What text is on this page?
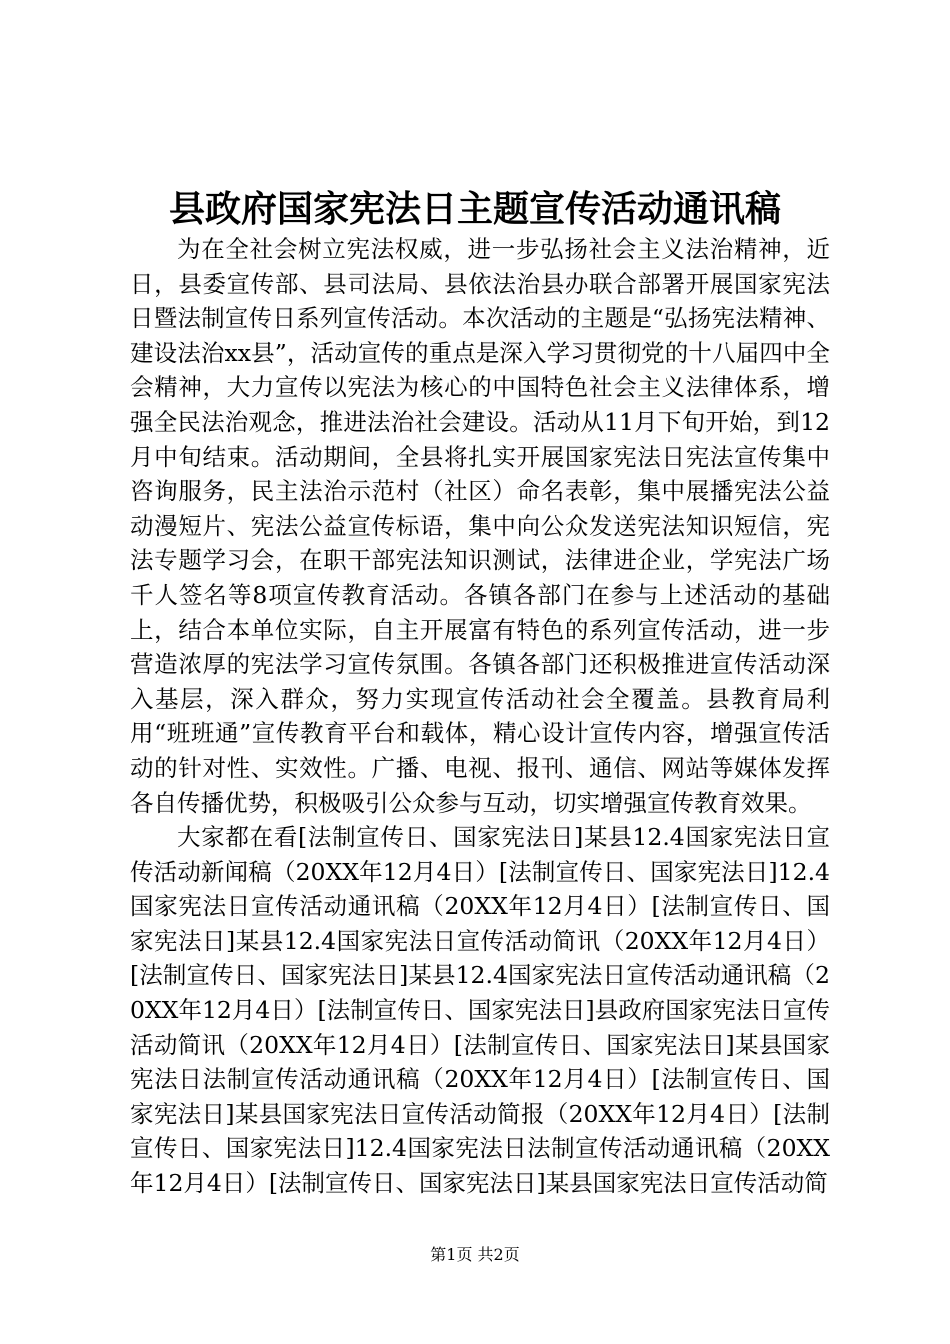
县政府国家宪法日主题宣传活动通讯稿

为在全社会树立宪法权威，进一步弘扬社会主义法治精神，近日，县委宣传部、县司法局、县依法治县办联合部署开展国家宪法日暨法制宣传日系列宣传活动。本次活动的主题是“弘扬宪法精神、建设法治xx县”，活动宣传的重点是深入学习贯彻党的十八届四中全会精神，大力宣传以宪法为核心的中国特色社会主义法律体系，增强全民法治观念，推进法治社会建设。活动从11月下旬开始，到12月中旬结束。活动期间，全县将扎实开展国家宪法日宪法宣传集中咨询服务，民主法治示范村（社区）命名表彰，集中展播宪法公益动漫短片、宪法公益宣传标语，集中向公众发送宪法知识短信，宪法专题学习会，在职干部宪法知识测试，法律进企业，学宪法广场千人签名等8项宣传教育活动。各镇各部门在参与上述活动的基础上，结合本单位实际，自主开展富有特色的系列宣传活动，进一步营造浓厚的宪法学习宣传氛围。各镇各部门还积极推进宣传活动深入基层，深入群众，努力实现宣传活动社会全覆盖。县教育局利用“班班通”宣传教育平台和载体，精心设计宣传内容，增强宣传活动的针对性、实效性。广播、电视、报刊、通信、网站等媒体发挥各自传播优势，积极吸引公众参与互动，切实增强宣传教育效果。

大家都在看[法制宣传日、国家宪法日]某县12.4国家宪法日宣传活动新闻稿（20XX年12月4日）[法制宣传日、国家宪法日]12.4国家宪法日宣传活动通讯稿（20XX年12月4日）[法制宣传日、国家宪法日]某县12.4国家宪法日宣传活动简讯（20XX年12月4日）[法制宣传日、国家宪法日]某县12.4国家宪法日宣传活动通讯稿（20XX年12月4日）[法制宣传日、国家宪法日]县政府国家宪法日宣传活动简讯（20XX年12月4日）[法制宣传日、国家宪法日]某县国家宪法日法制宣传活动通讯稿（20XX年12月4日）[法制宣传日、国家宪法日]某县国家宪法日宣传活动简报（20XX年12月4日）[法制宣传日、国家宪法日]12.4国家宪法日法制宣传活动通讯稿（20XX年12月4日）[法制宣传日、国家宪法日]某县国家宪法日宣传活动简

第1页 共2页
